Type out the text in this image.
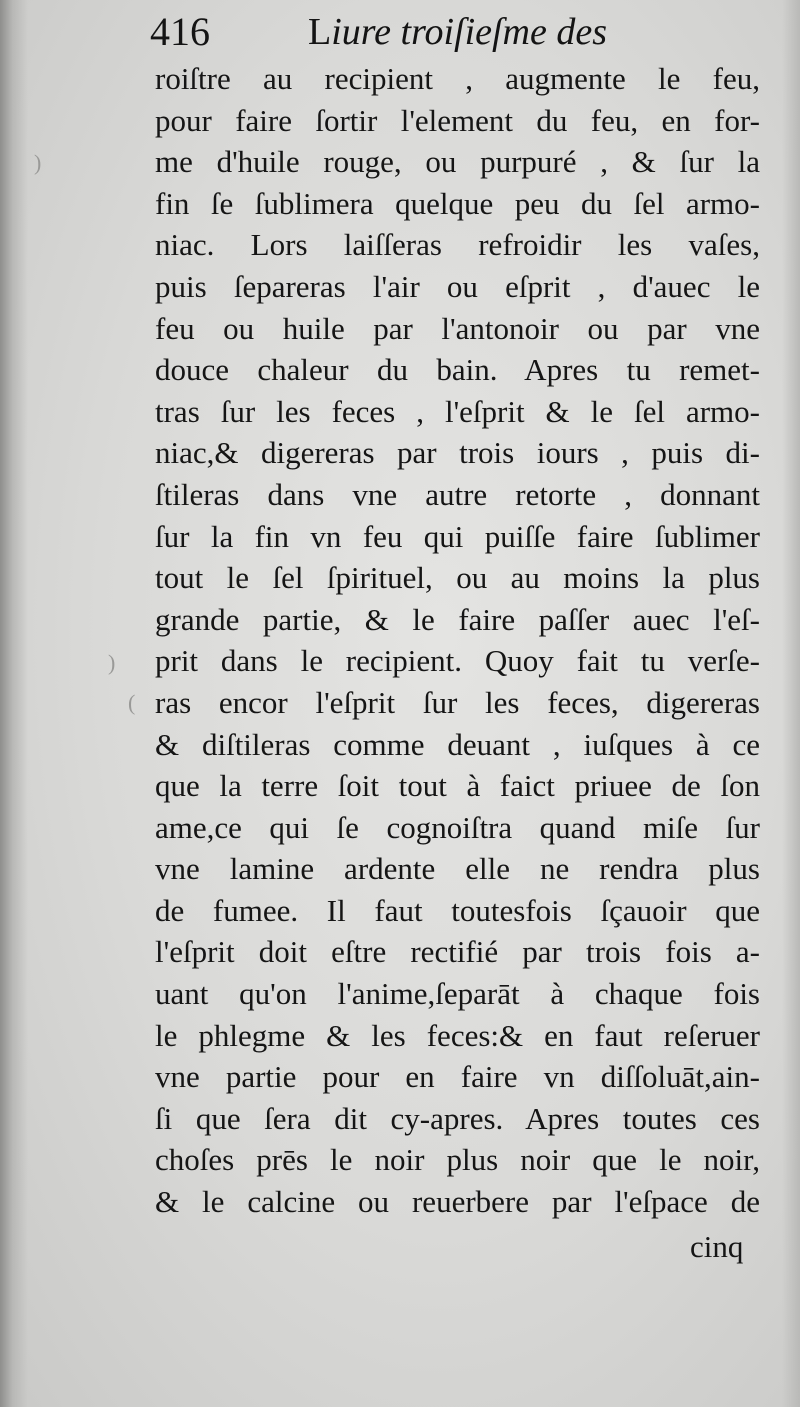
)
)
(
416	Liure troiſieſme des
roiſtre au recipient , augmente le feu,
pour faire ſortir l'element du feu, en for-
me d'huile rouge, ou purpuré , & ſur la
fin ſe ſublimera quelque peu du ſel armo-
niac. Lors laiſſeras refroidir les vaſes,
puis ſepareras l'air ou eſprit , d'auec le
feu ou huile par l'antonoir ou par vne
douce chaleur du bain. Apres tu remet-
tras ſur les feces , l'eſprit & le ſel armo-
niac,& digereras par trois iours , puis di-
ſtileras dans vne autre retorte , donnant
ſur la fin vn feu qui puiſſe faire ſublimer
tout le ſel ſpirituel, ou au moins la plus
grande partie, & le faire paſſer auec l'eſ-
prit dans le recipient. Quoy fait tu verſe-
ras encor l'eſprit ſur les feces, digereras
& diſtileras comme deuant , iuſques à ce
que la terre ſoit tout à faict priuee de ſon
ame,ce qui ſe cognoiſtra quand miſe ſur
vne lamine ardente elle ne rendra plus
de fumee. Il faut toutesfois ſçauoir que
l'eſprit doit eſtre rectifié par trois fois a-
uant qu'on l'anime,ſeparāt à chaque fois
le phlegme & les feces:& en faut reſeruer
vne partie pour en faire vn diſſoluāt,ain-
ſi que ſera dit cy-apres. Apres toutes ces
choſes prēs le noir plus noir que le noir,
& le calcine ou reuerbere par l'eſpace de
cinq
